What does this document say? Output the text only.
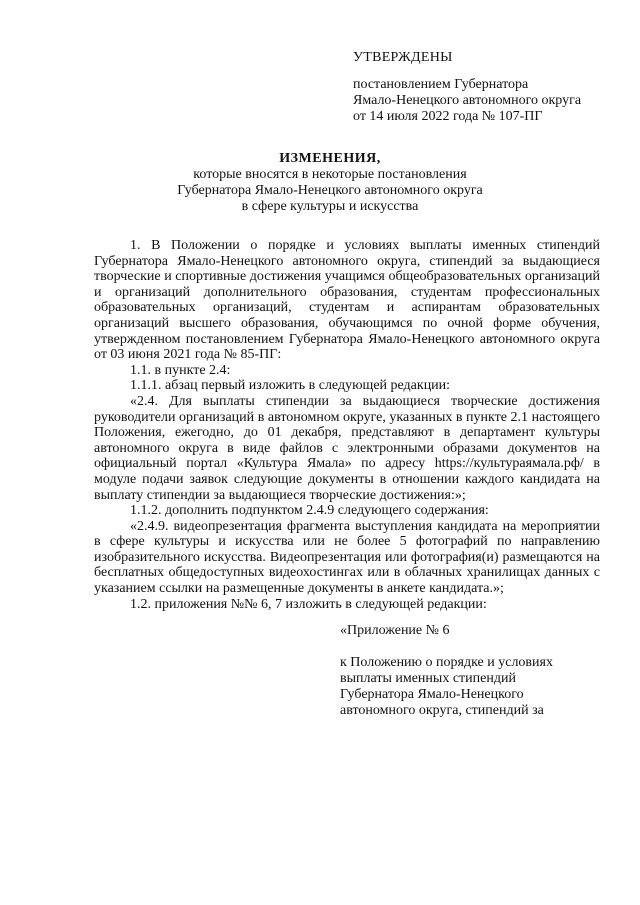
УТВЕРЖДЕНЫ
постановлением Губернатора
Ямало-Ненецкого автономного округа
от 14 июля 2022 года № 107-ПГ
ИЗМЕНЕНИЯ,
которые вносятся в некоторые постановления
Губернатора Ямало-Ненецкого автономного округа
в сфере культуры и искусства

1. В Положении о порядке и условиях выплаты именных стипендий Губернатора Ямало-Ненецкого автономного округа, стипендий за выдающиеся творческие и спортивные достижения учащимся общеобразовательных организаций и организаций дополнительного образования, студентам профессиональных образовательных организаций, студентам и аспирантам образовательных организаций высшего образования, обучающимся по очной форме обучения, утвержденном постановлением Губернатора Ямало-Ненецкого автономного округа от 03 июня 2021 года № 85-ПГ:

1.1. в пункте 2.4:

1.1.1. абзац первый изложить в следующей редакции:

«2.4. Для выплаты стипендии за выдающиеся творческие достижения руководители организаций в автономном округе, указанных в пункте 2.1 настоящего Положения, ежегодно, до 01 декабря, представляют в департамент культуры автономного округа в виде файлов с электронными образами документов на официальный портал «Культура Ямала» по адресу https://культураямала.рф/ в модуле подачи заявок следующие документы в отношении каждого кандидата на выплату стипендии за выдающиеся творческие достижения:»;

1.1.2. дополнить подпунктом 2.4.9 следующего содержания:

«2.4.9. видеопрезентация фрагмента выступления кандидата на мероприятии в сфере культуры и искусства или не более 5 фотографий по направлению изобразительного искусства. Видеопрезентация или фотография(и) размещаются на бесплатных общедоступных видеохостингах или в облачных хранилищах данных с указанием ссылки на размещенные документы в анкете кандидата.»;

1.2. приложения №№ 6, 7 изложить в следующей редакции:

«Приложение № 6
к Положению о порядке и условиях
выплаты именных стипендий
Губернатора Ямало-Ненецкого
автономного округа, стипендий за
